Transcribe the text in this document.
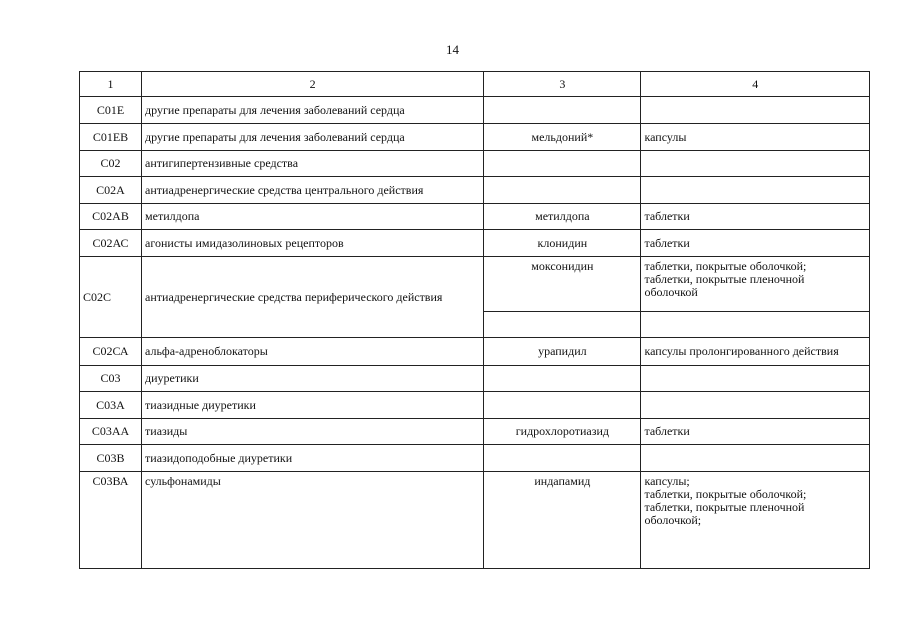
14
1	2	3	4
С01Е	другие препараты для лечения заболеваний сердца		
С01ЕВ	другие препараты для лечения заболеваний сердца	мельдоний*	капсулы
С02	антигипертензивные средства		
С02А	антиадренергические средства центрального действия		
С02АВ	метилдопа	метилдопа	таблетки
С02АС	агонисты имидазолиновых рецепторов	клонидин	таблетки
С02С	антиадренергические средства периферического действия	моксонидин	таблетки, покрытые оболочкой;
таблетки, покрытые пленочной
оболочкой

С02СА	альфа-адреноблокаторы	урапидил	капсулы пролонгированного действия
С03	диуретики		
С03А	тиазидные диуретики		
С03АА	тиазиды	гидрохлоротиазид	таблетки
С03В	тиазидоподобные диуретики		
С03ВА	сульфонамиды	индапамид	капсулы;
таблетки, покрытые оболочкой;
таблетки, покрытые пленочной
оболочкой;
